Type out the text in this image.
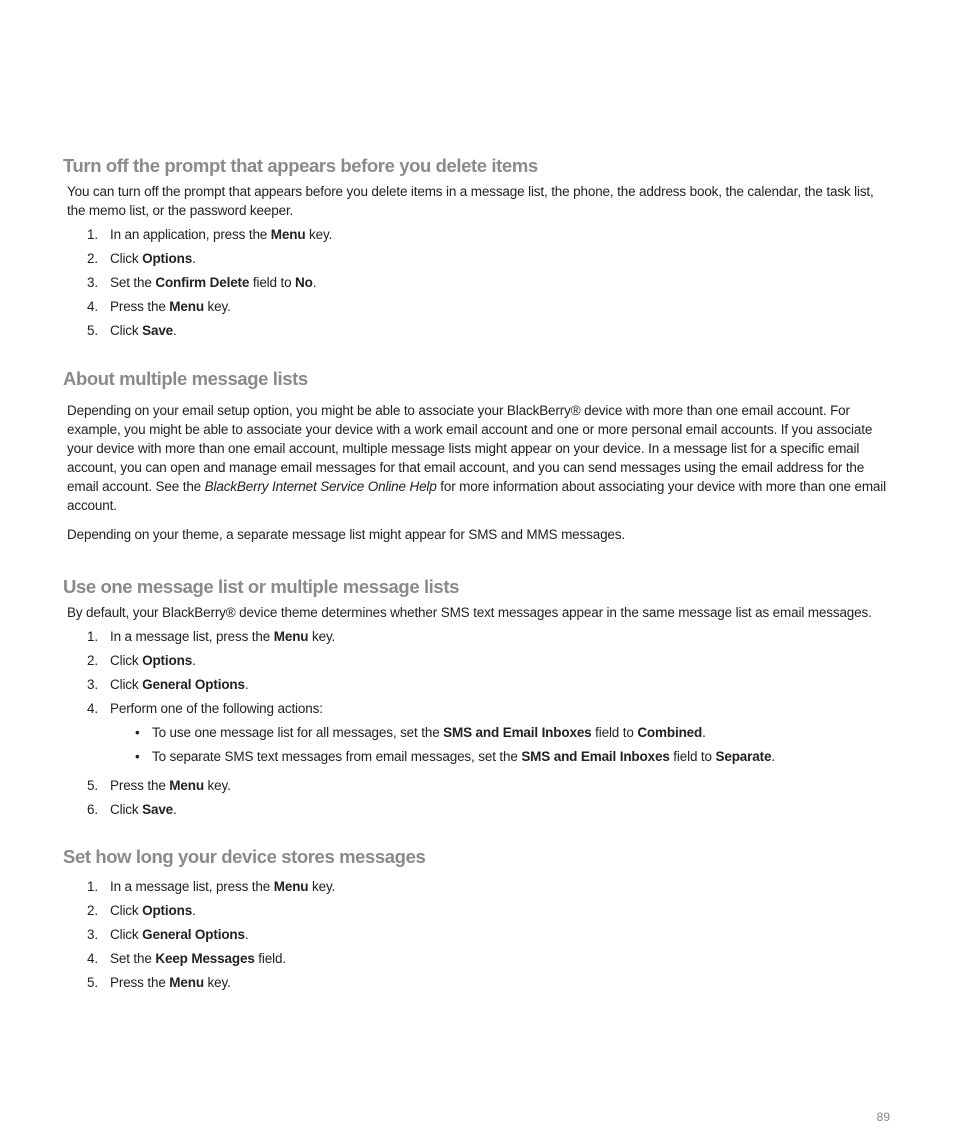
Turn off the prompt that appears before you delete items

You can turn off the prompt that appears before you delete items in a message list, the phone, the address book, the calendar, the task list, the memo list, or the password keeper.

1. In an application, press the Menu key.
2. Click Options.
3. Set the Confirm Delete field to No.
4. Press the Menu key.
5. Click Save.
About multiple message lists

Depending on your email setup option, you might be able to associate your BlackBerry® device with more than one email account. For example, you might be able to associate your device with a work email account and one or more personal email accounts. If you associate your device with more than one email account, multiple message lists might appear on your device. In a message list for a specific email account, you can open and manage email messages for that email account, and you can send messages using the email address for the email account. See the BlackBerry Internet Service Online Help for more information about associating your device with more than one email account.

Depending on your theme, a separate message list might appear for SMS and MMS messages.

Use one message list or multiple message lists

By default, your BlackBerry® device theme determines whether SMS text messages appear in the same message list as email messages.

1. In a message list, press the Menu key.
2. Click Options.
3. Click General Options.
4. Perform one of the following actions:
• To use one message list for all messages, set the SMS and Email Inboxes field to Combined.
• To separate SMS text messages from email messages, set the SMS and Email Inboxes field to Separate.
5. Press the Menu key.
6. Click Save.
Set how long your device stores messages
1. In a message list, press the Menu key.
2. Click Options.
3. Click General Options.
4. Set the Keep Messages field.
5. Press the Menu key.
89
